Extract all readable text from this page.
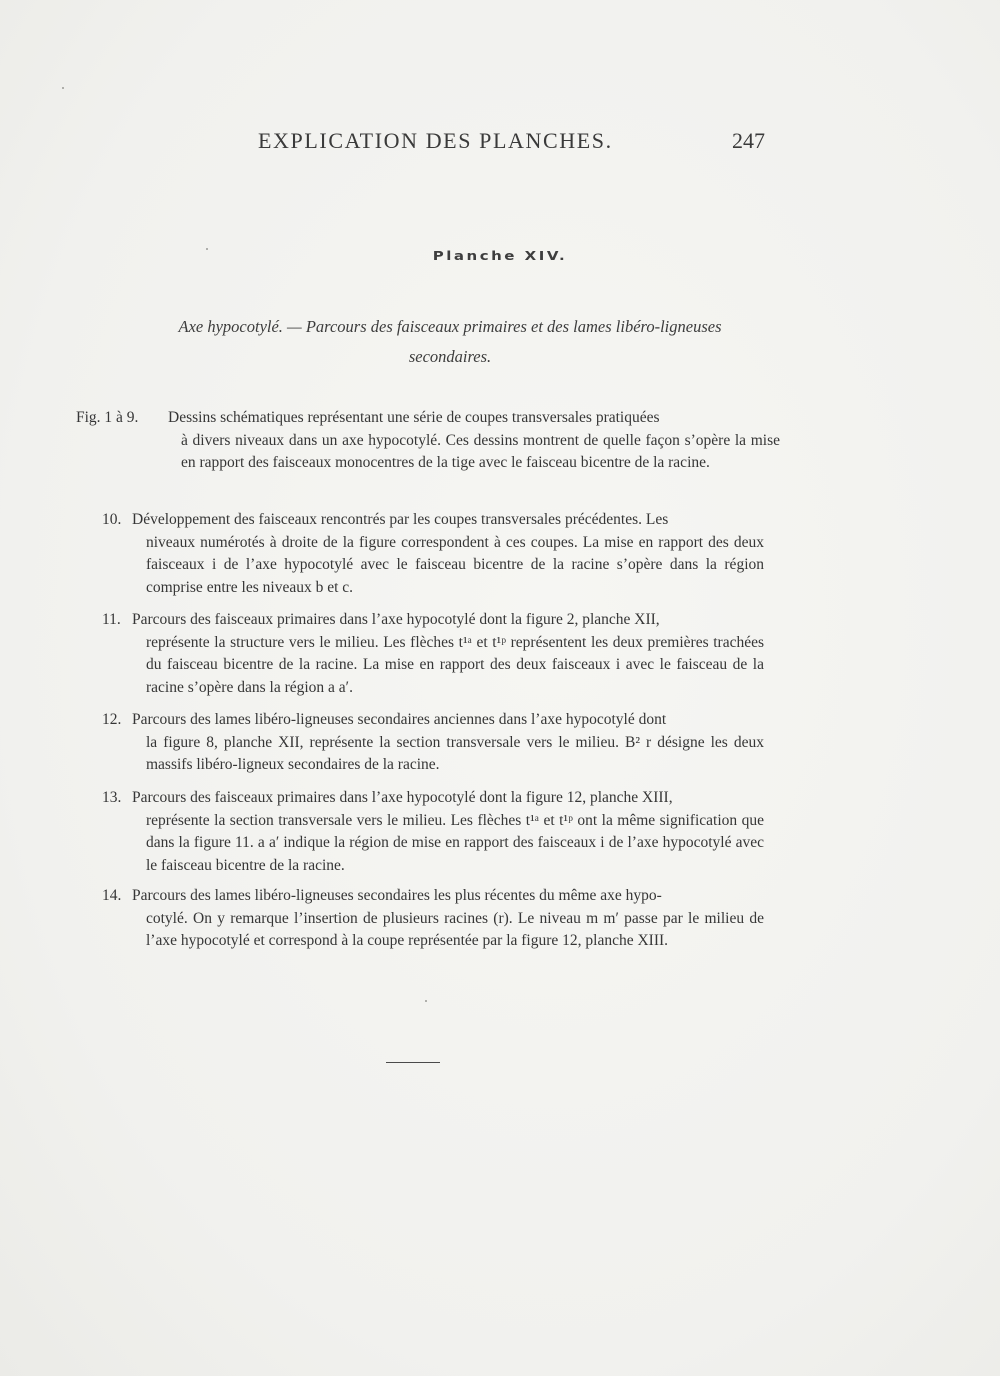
EXPLICATION DES PLANCHES.	247
Planche XIV.
Axe hypocotylé. — Parcours des faisceaux primaires et des lames libéro-ligneuses
secondaires.
Fig. 1 à 9. Dessins schématiques représentant une série de coupes transversales pratiquées
à divers niveaux dans un axe hypocotylé. Ces dessins montrent de quelle façon s’opère la mise en rapport des faisceaux monocentres de la tige avec le faisceau bicentre de la racine.
10. Développement des faisceaux rencontrés par les coupes transversales précédentes. Les
niveaux numérotés à droite de la figure correspondent à ces coupes. La mise en rapport des deux faisceaux i de l’axe hypocotylé avec le faisceau bicentre de la racine s’opère dans la région comprise entre les niveaux b et c.
11. Parcours des faisceaux primaires dans l’axe hypocotylé dont la figure 2, planche XII,
représente la structure vers le milieu. Les flèches t¹ᵃ et t¹ᵖ représentent les deux premières trachées du faisceau bicentre de la racine. La mise en rapport des deux faisceaux i avec le faisceau de la racine s’opère dans la région a a′.
12. Parcours des lames libéro-ligneuses secondaires anciennes dans l’axe hypocotylé dont
la figure 8, planche XII, représente la section transversale vers le milieu. B² r désigne les deux massifs libéro-ligneux secondaires de la racine.
13. Parcours des faisceaux primaires dans l’axe hypocotylé dont la figure 12, planche XIII,
représente la section transversale vers le milieu. Les flèches t¹ᵃ et t¹ᵖ ont la même signification que dans la figure 11. a a′ indique la région de mise en rapport des faisceaux i de l’axe hypocotylé avec le faisceau bicentre de la racine.
14. Parcours des lames libéro-ligneuses secondaires les plus récentes du même axe hypo-
cotylé. On y remarque l’insertion de plusieurs racines (r). Le niveau m m′ passe par le milieu de l’axe hypocotylé et correspond à la coupe représentée par la figure 12, planche XIII.
